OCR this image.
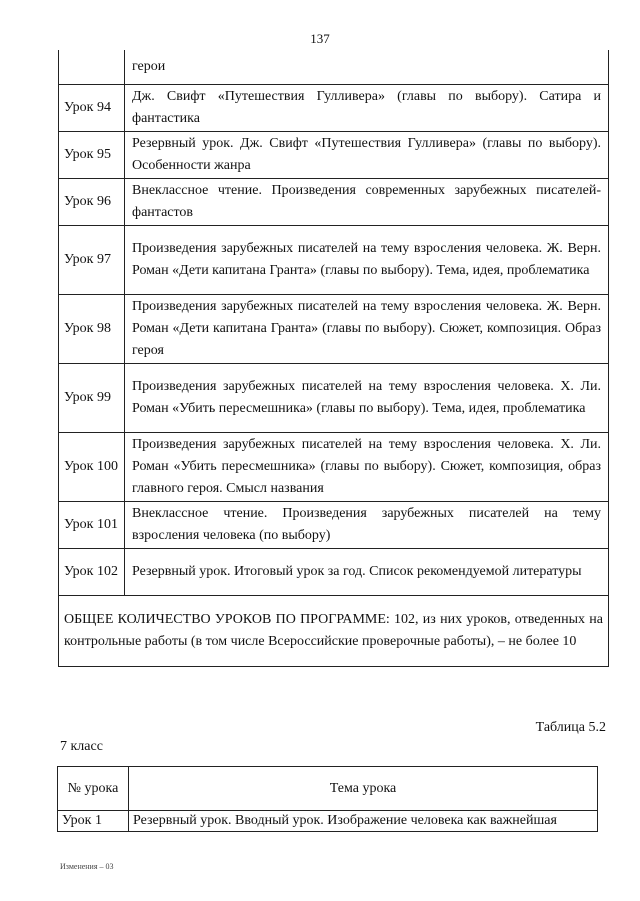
137
	герои
Урок 94	Дж. Свифт «Путешествия Гулливера» (главы по выбору). Сатира и фантастика
Урок 95	Резервный урок. Дж. Свифт «Путешествия Гулливера» (главы по выбору). Особенности жанра
Урок 96	Внеклассное чтение. Произведения современных зарубежных писателей-фантастов
Урок 97	Произведения зарубежных писателей на тему взросления человека. Ж. Верн. Роман «Дети капитана Гранта» (главы по выбору). Тема, идея, проблематика
Урок 98	Произведения зарубежных писателей на тему взросления человека. Ж. Верн. Роман «Дети капитана Гранта» (главы по выбору). Сюжет, композиция. Образ героя
Урок 99	Произведения зарубежных писателей на тему взросления человека. Х. Ли. Роман «Убить пересмешника» (главы по выбору). Тема, идея, проблематика
Урок 100	Произведения зарубежных писателей на тему взросления человека. Х. Ли. Роман «Убить пересмешника» (главы по выбору). Сюжет, композиция, образ главного героя. Смысл названия
Урок 101	Внеклассное чтение. Произведения зарубежных писателей на тему взросления человека (по выбору)
Урок 102	Резервный урок. Итоговый урок за год. Список рекомендуемой литературы
ОБЩЕЕ КОЛИЧЕСТВО УРОКОВ ПО ПРОГРАММЕ: 102, из них уроков, отведенных на контрольные работы (в том числе Всероссийские проверочные работы), – не более 10	
Таблица 5.2
7 класс
№ урока	Тема урока
Урок 1	Резервный урок. Вводный урок. Изображение человека как важнейшая
Изменения – 03
